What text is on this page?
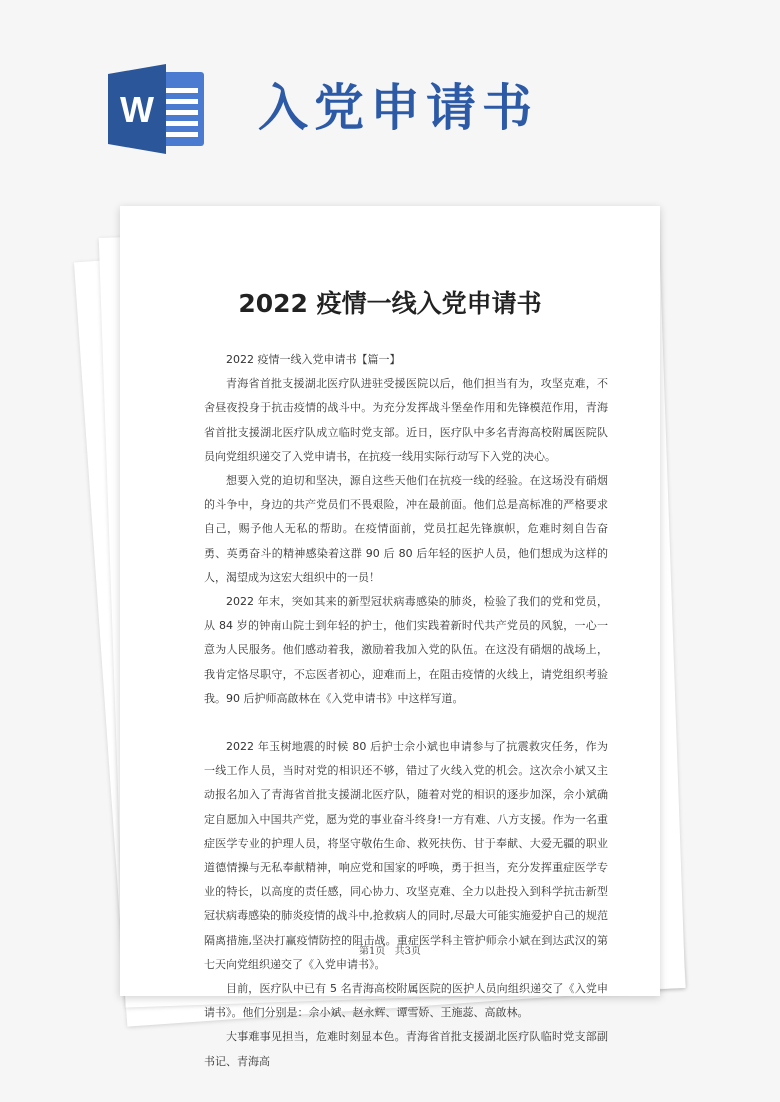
W 入党申请书
2022 疫情一线入党申请书

2022 疫情一线入党申请书【篇一】

青海省首批支援湖北医疗队进驻受援医院以后，他们担当有为，攻坚克难，不舍昼夜投身于抗击疫情的战斗中。为充分发挥战斗堡垒作用和先锋模范作用，青海省首批支援湖北医疗队成立临时党支部。近日，医疗队中多名青海高校附属医院队员向党组织递交了入党申请书，在抗疫一线用实际行动写下入党的决心。

想要入党的迫切和坚决，源自这些天他们在抗疫一线的经验。在这场没有硝烟的斗争中，身边的共产党员们不畏艰险，冲在最前面。他们总是高标准的严格要求自己，赐予他人无私的帮助。在疫情面前，党员扛起先锋旗帜，危难时刻自告奋勇、英勇奋斗的精神感染着这群 90 后 80 后年轻的医护人员，他们想成为这样的人，渴望成为这宏大组织中的一员！

2022 年末，突如其来的新型冠状病毒感染的肺炎，检验了我们的党和党员，从 84 岁的钟南山院士到年轻的护士，他们实践着新时代共产党员的风貌，一心一意为人民服务。他们感动着我，激励着我加入党的队伍。在这没有硝烟的战场上，我肯定恪尽职守，不忘医者初心，迎难而上，在阻击疫情的火线上，请党组织考验我。90 后护师高啟林在《入党申请书》中这样写道。

2022 年玉树地震的时候 80 后护士佘小斌也申请参与了抗震救灾任务，作为一线工作人员，当时对党的相识还不够，错过了火线入党的机会。这次佘小斌又主动报名加入了青海省首批支援湖北医疗队，随着对党的相识的逐步加深，佘小斌确定自愿加入中国共产党，愿为党的事业奋斗终身!一方有难、八方支援。作为一名重症医学专业的护理人员，将坚守敬佑生命、救死扶伤、甘于奉献、大爱无疆的职业道德情操与无私奉献精神，响应党和国家的呼唤，勇于担当，充分发挥重症医学专业的特长，以高度的责任感，同心协力、攻坚克难、全力以赴投入到科学抗击新型冠状病毒感染的肺炎疫情的战斗中,抢救病人的同时,尽最大可能实施爱护自己的规范隔离措施,坚决打赢疫情防控的阻击战。重症医学科主管护师佘小斌在到达武汉的第七天向党组织递交了《入党申请书》。

目前，医疗队中已有 5 名青海高校附属医院的医护人员向组织递交了《入党申请书》。他们分别是：佘小斌、赵永辉、谭雪娇、王施蕊、高啟林。

大事难事见担当，危难时刻显本色。青海省首批支援湖北医疗队临时党支部副书记、青海高

第1页 共3页
